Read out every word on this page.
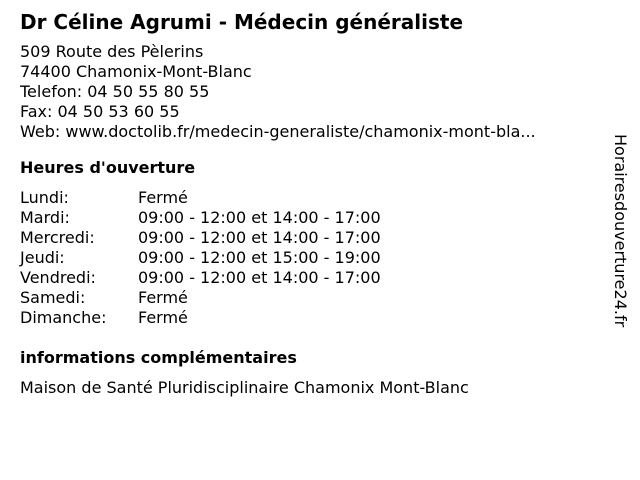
Dr Céline Agrumi - Médecin généraliste
509 Route des Pèlerins
74400 Chamonix-Mont-Blanc
Telefon: 04 50 55 80 55
Fax: 04 50 53 60 55
Web: www.doctolib.fr/medecin-generaliste/chamonix-mont-bla...
Heures d'ouverture
Lundi:	Fermé
Mardi:	09:00 - 12:00 et 14:00 - 17:00
Mercredi:	09:00 - 12:00 et 14:00 - 17:00
Jeudi:	09:00 - 12:00 et 15:00 - 19:00
Vendredi:	09:00 - 12:00 et 14:00 - 17:00
Samedi:	Fermé
Dimanche:	Fermé
informations complémentaires
Maison de Santé Pluridisciplinaire Chamonix Mont-Blanc
Horairesdouverture24.fr
